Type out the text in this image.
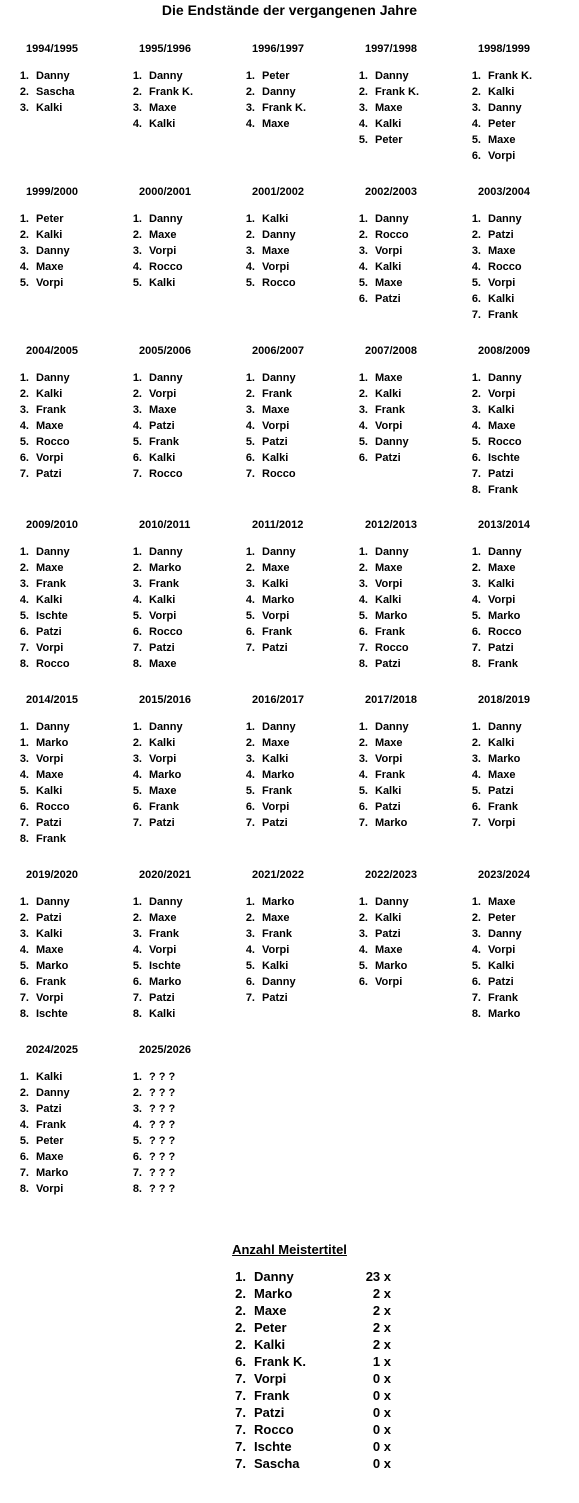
Die Endstände der vergangenen Jahre
1994/1995
1. Danny
2. Sascha
3. Kalki
1995/1996
1. Danny
2. Frank K.
3. Maxe
4. Kalki
1996/1997
1. Peter
2. Danny
3. Frank K.
4. Maxe
1997/1998
1. Danny
2. Frank K.
3. Maxe
4. Kalki
5. Peter
1998/1999
1. Frank K.
2. Kalki
3. Danny
4. Peter
5. Maxe
6. Vorpi
1999/2000
1. Peter
2. Kalki
3. Danny
4. Maxe
5. Vorpi
2000/2001
1. Danny
2. Maxe
3. Vorpi
4. Rocco
5. Kalki
2001/2002
1. Kalki
2. Danny
3. Maxe
4. Vorpi
5. Rocco
2002/2003
1. Danny
2. Rocco
3. Vorpi
4. Kalki
5. Maxe
6. Patzi
2003/2004
1. Danny
2. Patzi
3. Maxe
4. Rocco
5. Vorpi
6. Kalki
7. Frank
2004/2005
1. Danny
2. Kalki
3. Frank
4. Maxe
5. Rocco
6. Vorpi
7. Patzi
2005/2006
1. Danny
2. Vorpi
3. Maxe
4. Patzi
5. Frank
6. Kalki
7. Rocco
2006/2007
1. Danny
2. Frank
3. Maxe
4. Vorpi
5. Patzi
6. Kalki
7. Rocco
2007/2008
1. Maxe
2. Kalki
3. Frank
4. Vorpi
5. Danny
6. Patzi
2008/2009
1. Danny
2. Vorpi
3. Kalki
4. Maxe
5. Rocco
6. Ischte
7. Patzi
8. Frank
2009/2010
1. Danny
2. Maxe
3. Frank
4. Kalki
5. Ischte
6. Patzi
7. Vorpi
8. Rocco
2010/2011
1. Danny
2. Marko
3. Frank
4. Kalki
5. Vorpi
6. Rocco
7. Patzi
8. Maxe
2011/2012
1. Danny
2. Maxe
3. Kalki
4. Marko
5. Vorpi
6. Frank
7. Patzi
2012/2013
1. Danny
2. Maxe
3. Vorpi
4. Kalki
5. Marko
6. Frank
7. Rocco
8. Patzi
2013/2014
1. Danny
2. Maxe
3. Kalki
4. Vorpi
5. Marko
6. Rocco
7. Patzi
8. Frank
2014/2015
1. Danny
1. Marko
3. Vorpi
4. Maxe
5. Kalki
6. Rocco
7. Patzi
8. Frank
2015/2016
1. Danny
2. Kalki
3. Vorpi
4. Marko
5. Maxe
6. Frank
7. Patzi
2016/2017
1. Danny
2. Maxe
3. Kalki
4. Marko
5. Frank
6. Vorpi
7. Patzi
2017/2018
1. Danny
2. Maxe
3. Vorpi
4. Frank
5. Kalki
6. Patzi
7. Marko
2018/2019
1. Danny
2. Kalki
3. Marko
4. Maxe
5. Patzi
6. Frank
7. Vorpi
2019/2020
1. Danny
2. Patzi
3. Kalki
4. Maxe
5. Marko
6. Frank
7. Vorpi
8. Ischte
2020/2021
1. Danny
2. Maxe
3. Frank
4. Vorpi
5. Ischte
6. Marko
7. Patzi
8. Kalki
2021/2022
1. Marko
2. Maxe
3. Frank
4. Vorpi
5. Kalki
6. Danny
7. Patzi
2022/2023
1. Danny
2. Kalki
3. Patzi
4. Maxe
5. Marko
6. Vorpi
2023/2024
1. Maxe
2. Peter
3. Danny
4. Vorpi
5. Kalki
6. Patzi
7. Frank
8. Marko
2024/2025
1. Kalki
2. Danny
3. Patzi
4. Frank
5. Peter
6. Maxe
7. Marko
8. Vorpi
2025/2026
1. ? ? ?
2. ? ? ?
3. ? ? ?
4. ? ? ?
5. ? ? ?
6. ? ? ?
7. ? ? ?
8. ? ? ?
Anzahl Meistertitel
1. Danny	23 x
2. Marko	2 x
2. Maxe	2 x
2. Peter	2 x
2. Kalki	2 x
6. Frank K.	1 x
7. Vorpi	0 x
7. Frank	0 x
7. Patzi	0 x
7. Rocco	0 x
7. Ischte	0 x
7. Sascha	0 x
